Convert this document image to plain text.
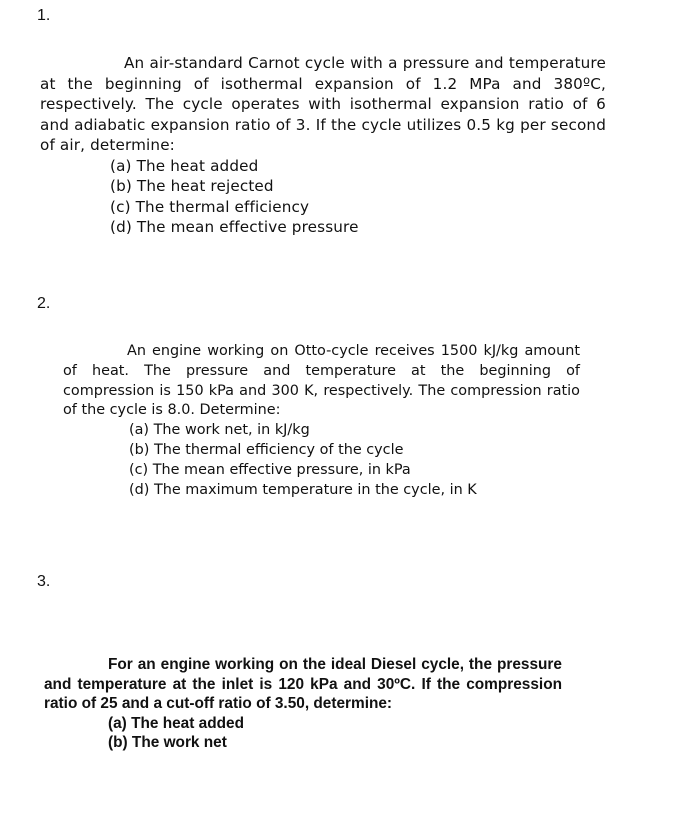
1.

An air-standard Carnot cycle with a pressure and temperature at the beginning of isothermal expansion of 1.2 MPa and 380ºC, respectively. The cycle operates with isothermal expansion ratio of 6 and adiabatic expansion ratio of 3. If the cycle utilizes 0.5 kg per second of air, determine:

(a) The heat added
(b) The heat rejected
(c) The thermal efficiency
(d) The mean effective pressure
2.

An engine working on Otto-cycle receives 1500 kJ/kg amount of heat. The pressure and temperature at the beginning of compression is 150 kPa and 300 K, respectively. The compression ratio of the cycle is 8.0. Determine:

(a) The work net, in kJ/kg
(b) The thermal efficiency of the cycle
(c) The mean effective pressure, in kPa
(d) The maximum temperature in the cycle, in K
3.

For an engine working on the ideal Diesel cycle, the pressure and temperature at the inlet is 120 kPa and 30ºC. If the compression ratio of 25 and a cut-off ratio of 3.50, determine:

(a) The heat added
(b) The work net
